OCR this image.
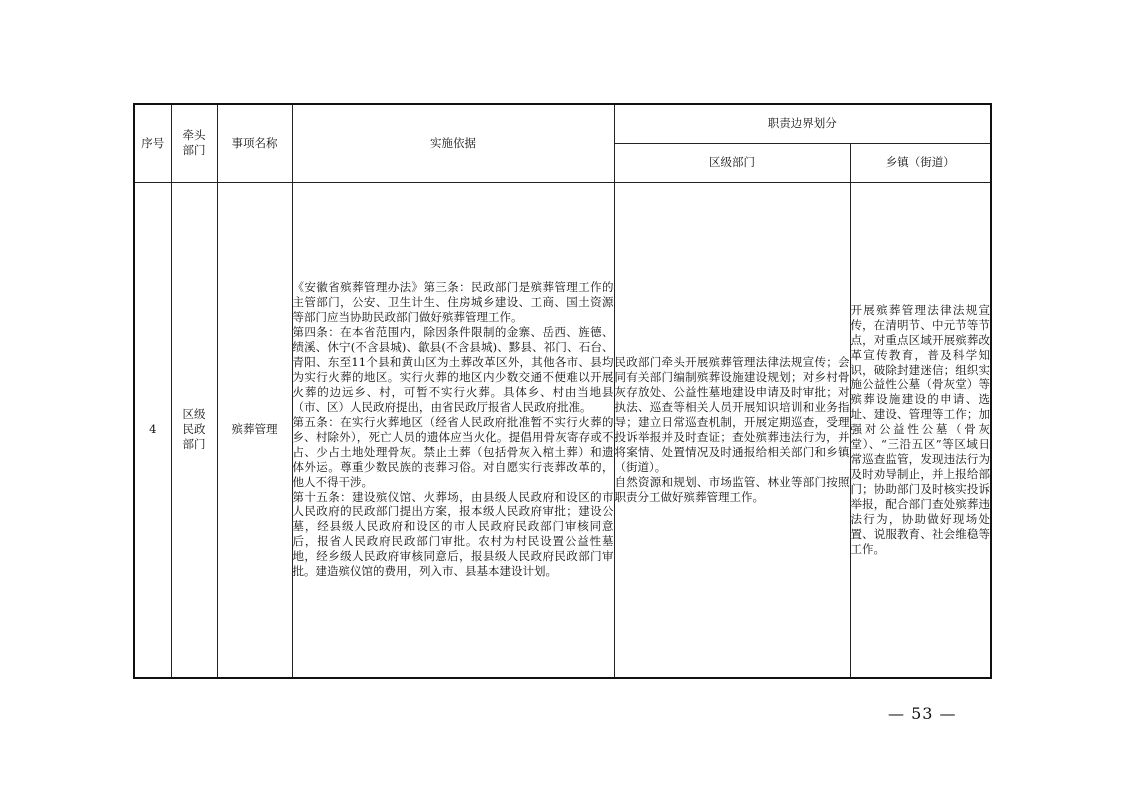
序号	牵头部门	事项名称	实施依据	职责边界划分	
				区级部门	乡镇（街道）
4	区级民政部门	殡葬管理	《安徽省殡葬管理办法》第三条：民政部门是殡葬管理工作的主管部门，公安、卫生计生、住房城乡建设、工商、国土资源等部门应当协助民政部门做好殡葬管理工作。
第四条：在本省范围内，除因条件限制的金寨、岳西、旌德、绩溪、休宁(不含县城)、歙县(不含县城)、黟县、祁门、石台、青阳、东至11个县和黄山区为土葬改革区外，其他各市、县均为实行火葬的地区。实行火葬的地区内少数交通不便难以开展火葬的边远乡、村，可暂不实行火葬。具体乡、村由当地县（市、区）人民政府提出，由省民政厅报省人民政府批准。
第五条：在实行火葬地区（经省人民政府批准暂不实行火葬的乡、村除外），死亡人员的遗体应当火化。提倡用骨灰寄存或不占、少占土地处理骨灰。禁止土葬（包括骨灰入棺土葬）和遗体外运。尊重少数民族的丧葬习俗。对自愿实行丧葬改革的，他人不得干涉。
第十五条：建设殡仪馆、火葬场，由县级人民政府和设区的市人民政府的民政部门提出方案，报本级人民政府审批；建设公墓，经县级人民政府和设区的市人民政府民政部门审核同意后，报省人民政府民政部门审批。农村为村民设置公益性墓地，经乡级人民政府审核同意后，报县级人民政府民政部门审批。建造殡仪馆的费用，列入市、县基本建设计划。	民政部门牵头开展殡葬管理法律法规宣传；会同有关部门编制殡葬设施建设规划；对乡村骨灰存放处、公益性墓地建设申请及时审批；对执法、巡查等相关人员开展知识培训和业务指导；建立日常巡查机制，开展定期巡查，受理投诉举报并及时查证；查处殡葬违法行为，并将案情、处置情况及时通报给相关部门和乡镇（街道）。
自然资源和规划、市场监管、林业等部门按照职责分工做好殡葬管理工作。	开展殡葬管理法律法规宣传，在清明节、中元节等节点，对重点区域开展殡葬改革宣传教育，普及科学知识，破除封建迷信；组织实施公益性公墓（骨灰堂）等殡葬设施建设的申请、选址、建设、管理等工作；加强对公益性公墓（骨灰堂）、“三沿五区”等区域日常巡查监管，发现违法行为及时劝导制止，并上报给部门；协助部门及时核实投诉举报，配合部门查处殡葬违法行为，协助做好现场处置、说服教育、社会维稳等工作。
— 53 —
